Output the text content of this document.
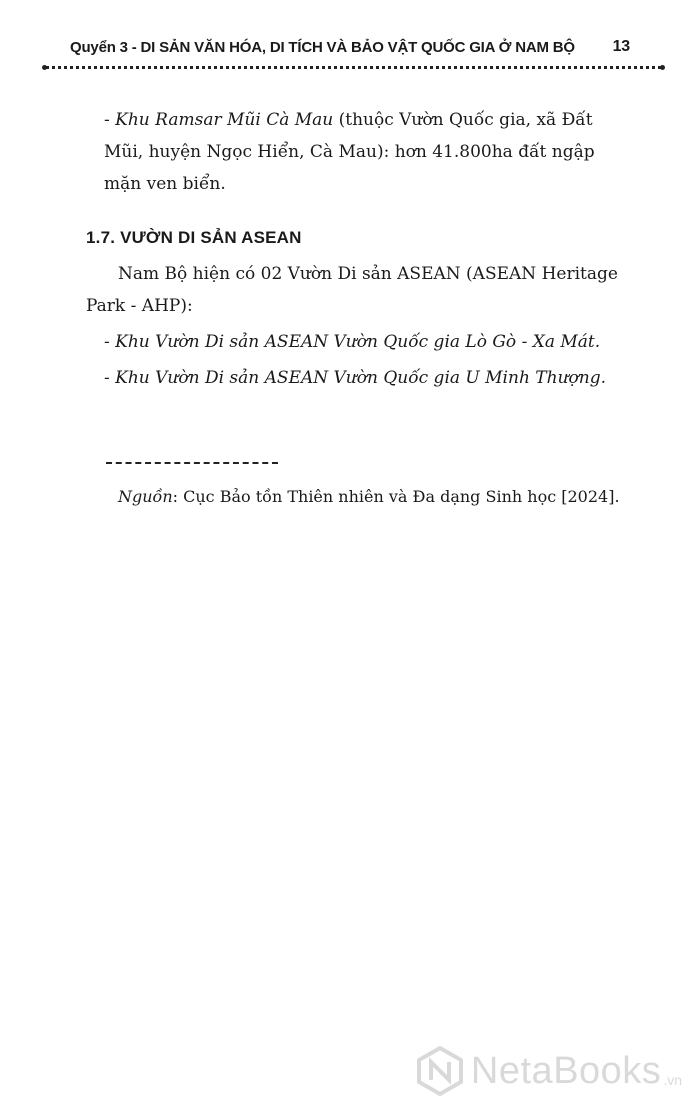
Quyển 3 - DI SẢN VĂN HÓA, DI TÍCH VÀ BẢO VẬT QUỐC GIA Ở NAM BỘ 13

- Khu Ramsar Mũi Cà Mau (thuộc Vườn Quốc gia, xã Đất Mũi, huyện Ngọc Hiển, Cà Mau): hơn 41.800ha đất ngập mặn ven biển.

1.7. VƯỜN DI SẢN ASEAN

Nam Bộ hiện có 02 Vườn Di sản ASEAN (ASEAN Heritage Park - AHP):

- Khu Vườn Di sản ASEAN Vườn Quốc gia Lò Gò - Xa Mát.

- Khu Vườn Di sản ASEAN Vườn Quốc gia U Minh Thượng.

Nguồn: Cục Bảo tồn Thiên nhiên và Đa dạng Sinh học [2024].
NetaBooks .vn
